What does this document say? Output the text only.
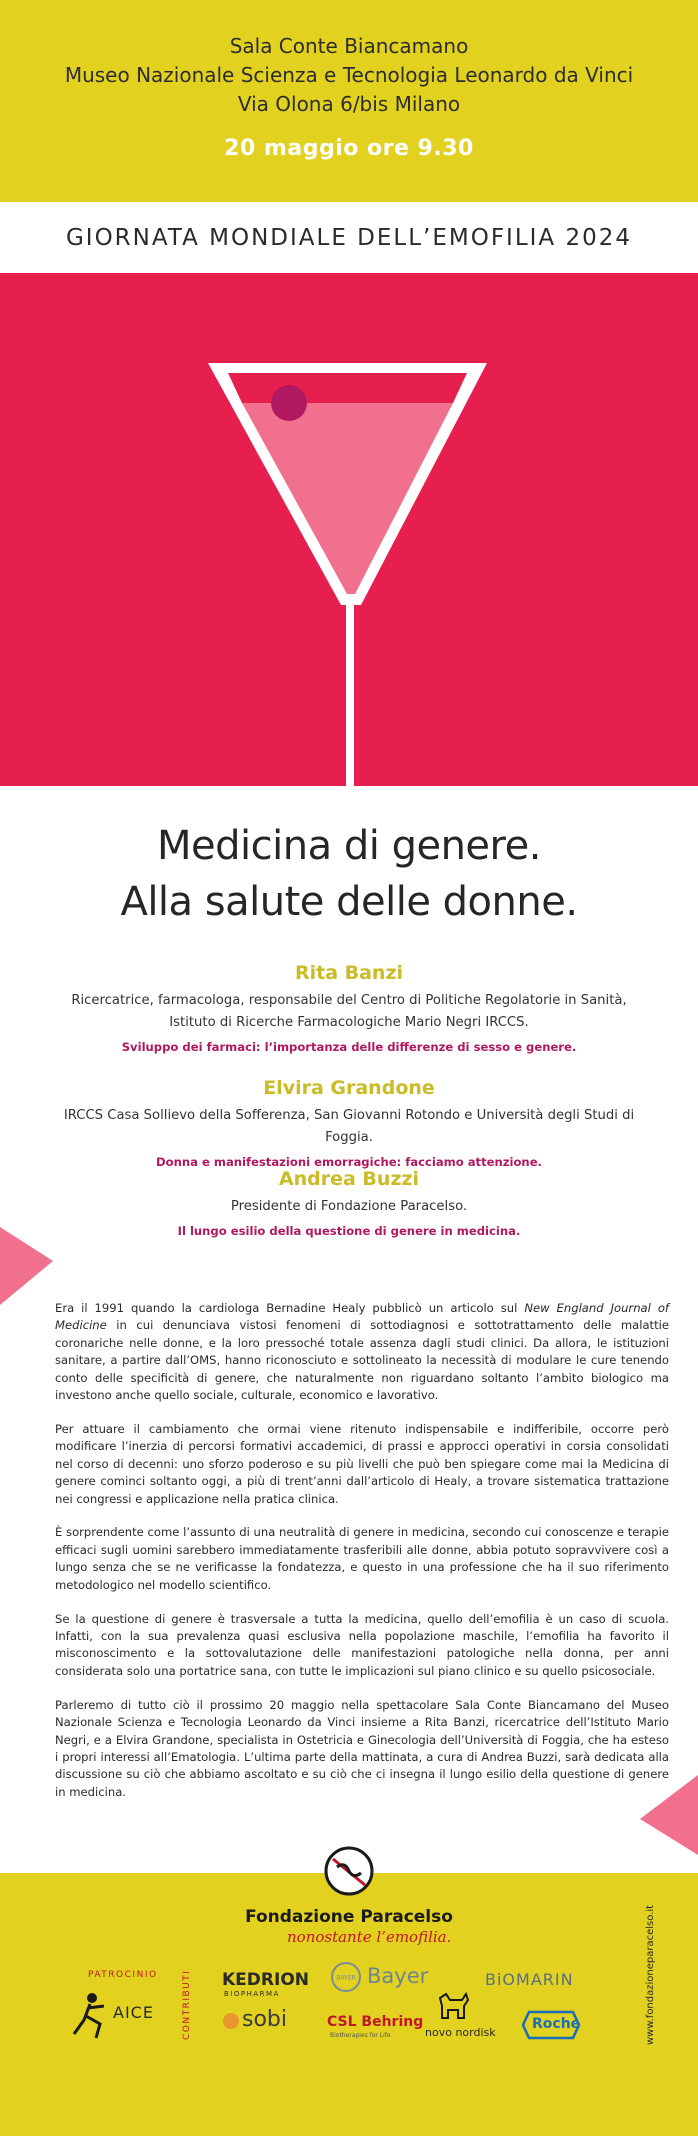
Sala Conte Biancamano
Museo Nazionale Scienza e Tecnologia Leonardo da Vinci
Via Olona 6/bis Milano
20 maggio ore 9.30
GIORNATA MONDIALE DELL’EMOFILIA 2024
Medicina di genere.
Alla salute delle donne.
Rita Banzi
Ricercatrice, farmacologa, responsabile del Centro di Politiche Regolatorie in Sanità,
Istituto di Ricerche Farmacologiche Mario Negri IRCCS.
Sviluppo dei farmaci: l’importanza delle differenze di sesso e genere.
Elvira Grandone
IRCCS Casa Sollievo della Sofferenza, San Giovanni Rotondo e Università degli Studi di Foggia.
Donna e manifestazioni emorragiche: facciamo attenzione.
Andrea Buzzi
Presidente di Fondazione Paracelso.
Il lungo esilio della questione di genere in medicina.

Era il 1991 quando la cardiologa Bernadine Healy pubblicò un articolo sul New England Journal of Medicine in cui denunciava vistosi fenomeni di sottodiagnosi e sottotrattamento delle malattie coronariche nelle donne, e la loro pressoché totale assenza dagli studi clinici. Da allora, le istituzioni sanitare, a partire dall’OMS, hanno riconosciuto e sottolineato la necessità di modulare le cure tenendo conto delle specificità di genere, che naturalmente non riguardano soltanto l’ambito biologico ma investono anche quello sociale, culturale, economico e lavorativo.

Per attuare il cambiamento che ormai viene ritenuto indispensabile e indifferibile, occorre però modificare l’inerzia di percorsi formativi accademici, di prassi e approcci operativi in corsia consolidati nel corso di decenni: uno sforzo poderoso e su più livelli che può ben spiegare come mai la Medicina di genere cominci soltanto oggi, a più di trent’anni dall’articolo di Healy, a trovare sistematica trattazione nei congressi e applicazione nella pratica clinica.

È sorprendente come l’assunto di una neutralità di genere in medicina, secondo cui conoscenze e terapie efficaci sugli uomini sarebbero immediatamente trasferibili alle donne, abbia potuto sopravvivere così a lungo senza che se ne verificasse la fondatezza, e questo in una professione che ha il suo riferimento metodologico nel modello scientifico.

Se la questione di genere è trasversale a tutta la medicina, quello dell’emofilia è un caso di scuola. Infatti, con la sua prevalenza quasi esclusiva nella popolazione maschile, l’emofilia ha favorito il misconoscimento e la sottovalutazione delle manifestazioni patologiche nella donna, per anni considerata solo una portatrice sana, con tutte le implicazioni sul piano clinico e su quello psicosociale.

Parleremo di tutto ciò il prossimo 20 maggio nella spettacolare Sala Conte Biancamano del Museo Nazionale Scienza e Tecnologia Leonardo da Vinci insieme a Rita Banzi, ricercatrice dell’Istituto Mario Negri, e a Elvira Grandone, specialista in Ostetricia e Ginecologia dell’Università di Foggia, che ha esteso i propri interessi all’Ematologia. L’ultima parte della mattinata, a cura di Andrea Buzzi, sarà dedicata alla discussione su ciò che abbiamo ascoltato e su ciò che ci insegna il lungo esilio della questione di genere in medicina.

Fondazione Paracelso
nonostante l’emofilia.
PATROCINIO	CONTRIBUTI
AICE
KEDRION
BIOPHARMA
BAYER Bayer	BiOMARIN
sobi	CSL Behring
Biotherapies for Life	novo nordisk
Roche	www.fondazioneparacelso.it
